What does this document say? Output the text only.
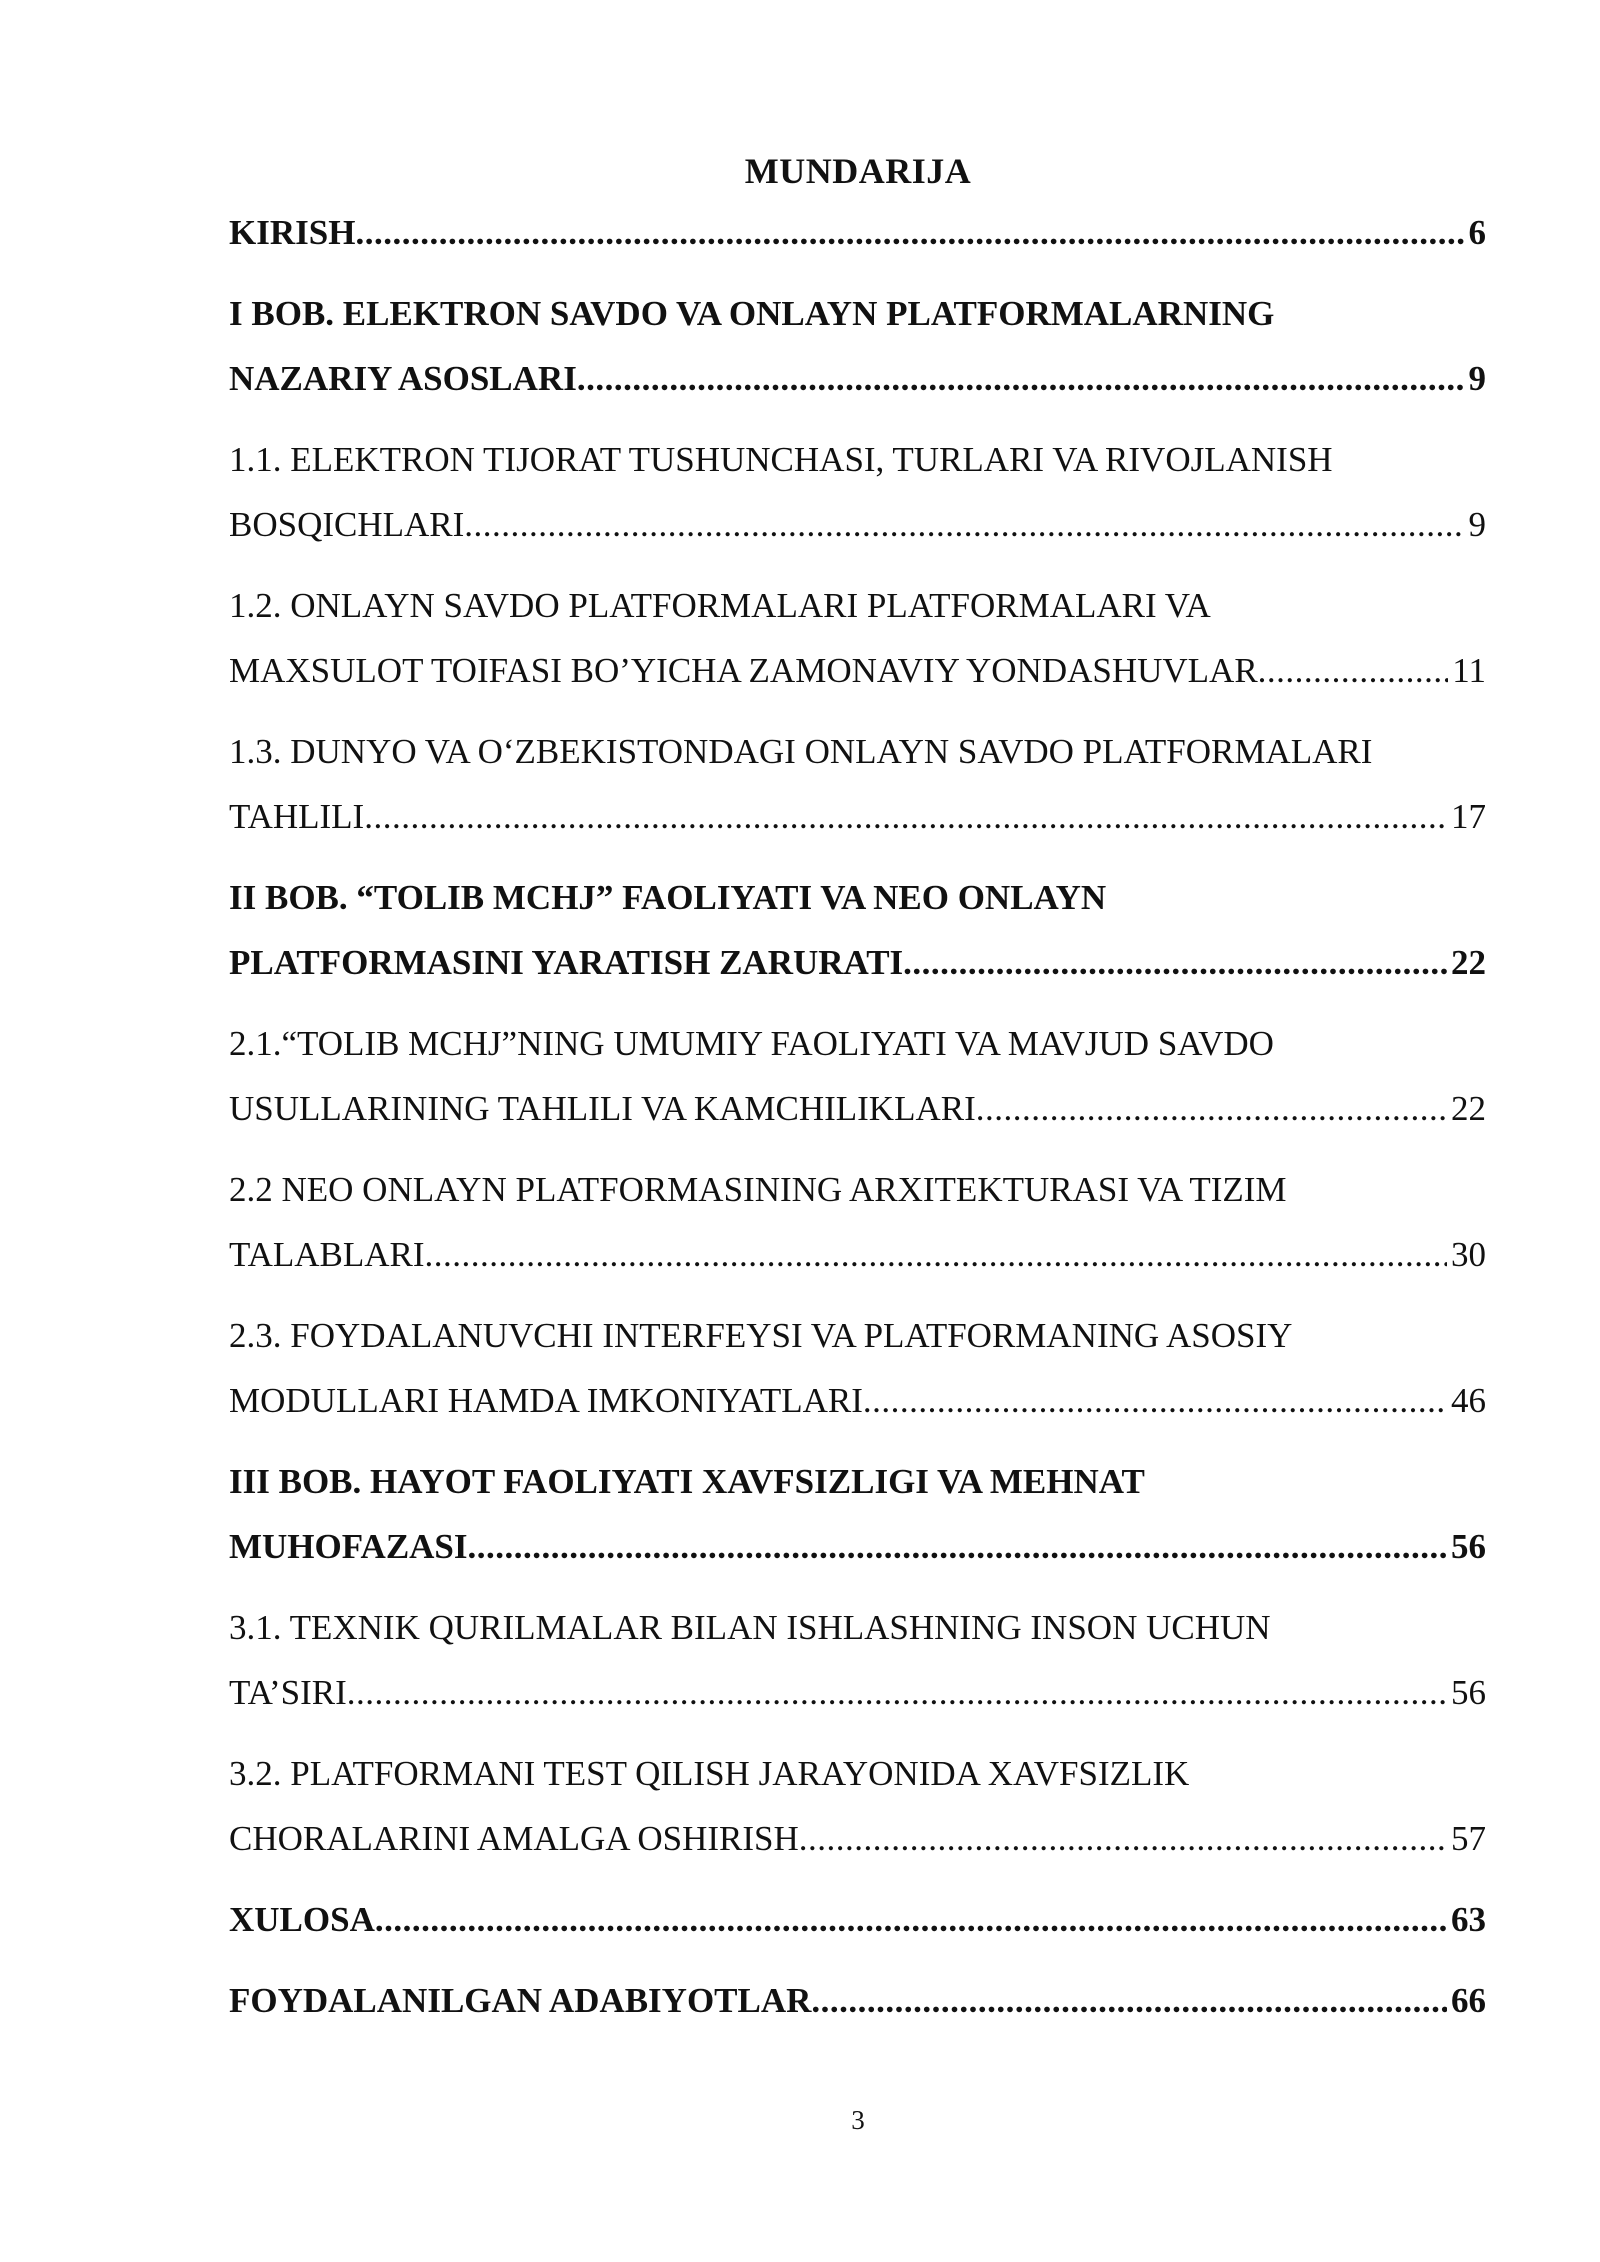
MUNDARIJA
KIRISH .....	6
I BOB. ELEKTRON SAVDO VA ONLAYN PLATFORMALARNING
NAZARIY ASOSLARI .....	9
1.1. ELEKTRON TIJORAT TUSHUNCHASI, TURLARI VA RIVOJLANISH
BOSQICHLARI .....	9
1.2. ONLAYN SAVDO PLATFORMALARI PLATFORMALARI VA
MAXSULOT TOIFASI BO’YICHA ZAMONAVIY YONDASHUVLAR .....	11
1.3. DUNYO VA O‘ZBEKISTONDAGI ONLAYN SAVDO PLATFORMALARI
TAHLILI .....	17
II BOB. “TOLIB MCHJ” FAOLIYATI VA NEO ONLAYN
PLATFORMASINI YARATISH ZARURATI .....	22
2.1.“TOLIB MCHJ”NING UMUMIY FAOLIYATI VA MAVJUD SAVDO
USULLARINING TAHLILI VA KAMCHILIKLARI .....	22
2.2 NEO ONLAYN PLATFORMASINING ARXITEKTURASI VA TIZIM
TALABLARI .....	30
2.3. FOYDALANUVCHI INTERFEYSI VA PLATFORMANING ASOSIY
MODULLARI HAMDA IMKONIYATLARI .....	46
III BOB. HAYOT FAOLIYATI XAVFSIZLIGI VA MEHNAT
MUHOFAZASI .....	56
3.1. TEXNIK QURILMALAR BILAN ISHLASHNING INSON UCHUN
TA’SIRI .....	56
3.2. PLATFORMANI TEST QILISH JARAYONIDA XAVFSIZLIK
CHORALARINI AMALGA OSHIRISH .....	57
XULOSA .....	63
FOYDALANILGAN ADABIYOTLAR .....	66
3
